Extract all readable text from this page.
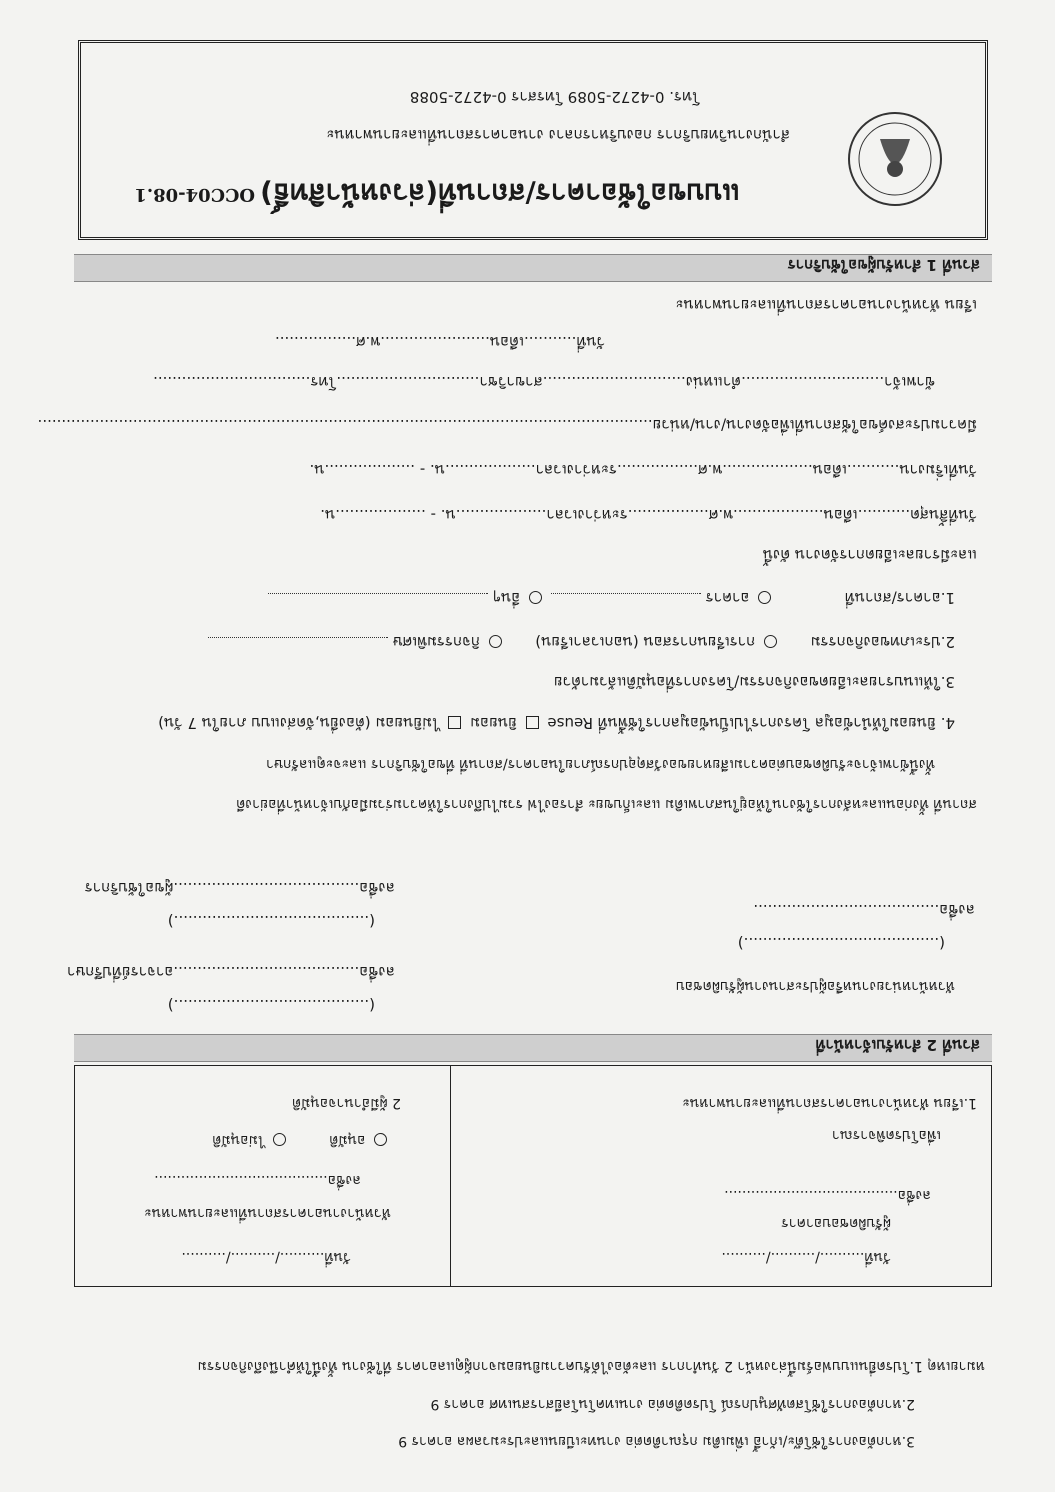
แบบขอใช้อาคาร/สถานที่(ล่วงหน้าสิทธิ์)
OCC04-08.1
สำนักงานวิทยบริการ กองบริหารกลาง งานอาคารสถานที่และยานพาหนะ
โทร. 0-4272-5089 โทรสาร 0-4272-5088
ส่วนที่ 1 สำหรับผู้ขอใช้บริการ
เรียน หัวหน้างานอาคารสถานที่และยานพาหนะ
วันที่...........เดือน.......................พ.ศ.................
ข้าพเจ้า..............................ตำแหน่ง..............................สาขาวิชา..............................โทร.................................
มีความประสงค์ขอใช้สถานที่เพื่อจัดงาน/งาน/หน่วย.................................................................................................................................
วันที่เริ่มงาน...........เดือน...................พ.ศ.................ระหว่างเวลา...................น. - ...................น.
วันที่สิ้นสุด...........เดือน...................พ.ศ.................ระหว่างเวลา...................น. - ...................น.
และมีรายละเอียดการจัดงาน ดังนี้
1.อาคาร/สถานที่   อาคาร   อื่นๆ
2.ประเภทของกิจกรรม   การเรียนการสอน (นอกเวลาเรียน)   กิจกรรมพิเศษ
3.ให้แนบรายละเอียดของกิจกรรม/โครงการที่อนุมัติแล้วมาด้วย
4. ยินยอมให้นำข้อมูล โครงการไปเป็นข้อมูลการใช้พื้นที่ Reuse  ยินยอม  ไม่ยินยอม (ต้องยื่น,จัดส่งแบบ ภายใน 7 วัน)
ทั้งนี้ข้าพเจ้าจะรับผิดชอบต่อความเสียหายของวัสดุอุปกรณ์ภายในอาคาร/สถานที่ ที่ขอใช้บริการ และจะดูแลรักษา
สถานที่ ทั้งก่อนและหลังการใช้งานให้อยู่ในสภาพเดิม และเก็บขยะ สำรองไฟ รวมไปถึงการให้ความร่วมมือกับเจ้าหน้าที่อย่างดี
ลงชื่อ.......................................ผู้ขอใช้บริการ
(.........................................)
ลงชื่อ.......................................
(.........................................)
ลงชื่อ.......................................อาจารย์ที่ปรึกษา
(.........................................)
หัวหน้าหน่วยงานหรือผู้ประสานงานผู้รับผิดชอบ
ส่วนที่ 2 สำหรับเจ้าหน้าที่
1.เรียน หัวหน้างานอาคารสถานที่และยานพาหนะ
เพื่อโปรดพิจารณา
ลงชื่อ.......................................
ผู้รับผิดชอบอาคาร
วันที่........../........../..........
2 ผู้มีอำนาจอนุมัติ
อนุมัติ   ไม่อนุมัติ
ลงชื่อ.......................................
หัวหน้างานอาคารสถานที่และยานพาหนะ
วันที่........../........../..........
หมายเหตุ 1.โปรดยื่นแบบฟอร์มนี้ล่วงหน้า 2 วันทำการ และต้องได้รับความยินยอมจากผู้ดูแลอาคาร ที่ใช้งาน ทั้งนี้ให้คำนึงถึงกิจกรรม
2.หากต้องการใช้โสตทัศนูปกรณ์ โปรดติดต่อ งานเทคโนโลยีสารสนเทศ อาคาร 9
3.หากต้องการใช้โต๊ะ/เก้าอี้ เพิ่มเติม กรุณาติดต่อ งานทะเบียนและประมวลผล อาคาร 9
